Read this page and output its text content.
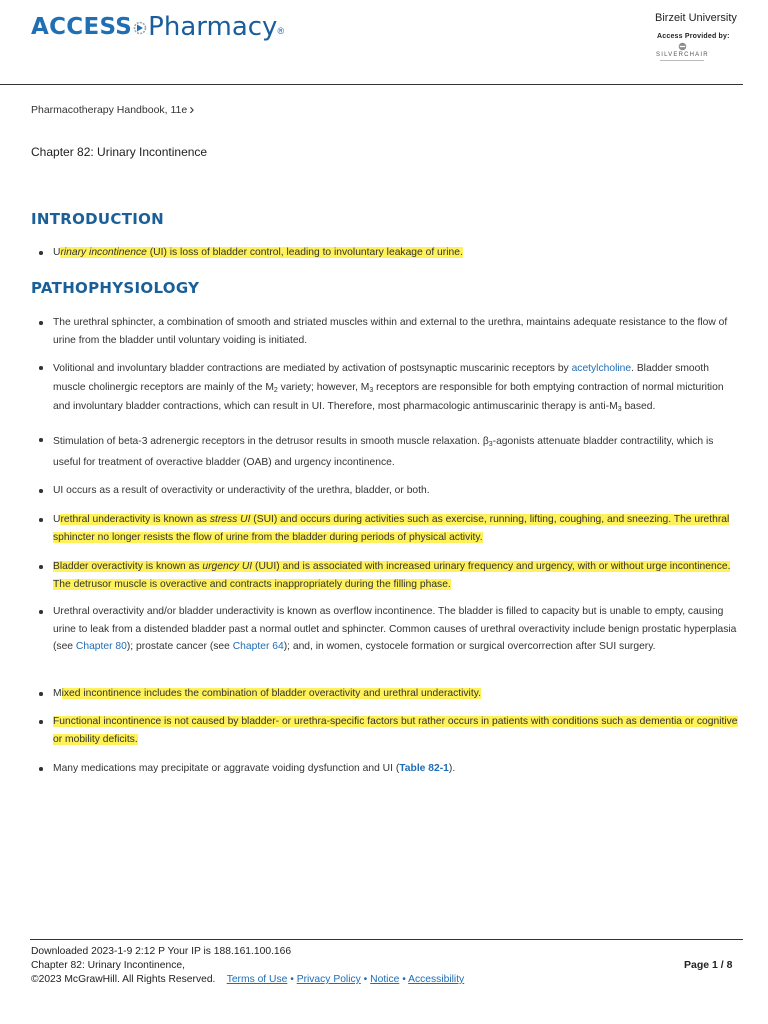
ACCESS Pharmacy ®
Birzeit University
Access Provided by:
SILVERCHAIR
Pharmacotherapy Handbook, 11e ›
Chapter 82: Urinary Incontinence
INTRODUCTION
Urinary incontinence (UI) is loss of bladder control, leading to involuntary leakage of urine.
PATHOPHYSIOLOGY
The urethral sphincter, a combination of smooth and striated muscles within and external to the urethra, maintains adequate resistance to the flow of urine from the bladder until voluntary voiding is initiated.
Volitional and involuntary bladder contractions are mediated by activation of postsynaptic muscarinic receptors by acetylcholine. Bladder smooth muscle cholinergic receptors are mainly of the $M_2$ variety; however, $M_3$ receptors are responsible for both emptying contraction of normal micturition and involuntary bladder contractions, which can result in UI. Therefore, most pharmacologic antimuscarinic therapy is anti-$M_3$ based.
Stimulation of beta-3 adrenergic receptors in the detrusor results in smooth muscle relaxation. $\beta_3$-agonists attenuate bladder contractility, which is useful for treatment of overactive bladder (OAB) and urgency incontinence.
UI occurs as a result of overactivity or underactivity of the urethra, bladder, or both.
Urethral underactivity is known as stress UI (SUI) and occurs during activities such as exercise, running, lifting, coughing, and sneezing. The urethral sphincter no longer resists the flow of urine from the bladder during periods of physical activity.
Bladder overactivity is known as urgency UI (UUI) and is associated with increased urinary frequency and urgency, with or without urge incontinence. The detrusor muscle is overactive and contracts inappropriately during the filling phase.
Urethral overactivity and/or bladder underactivity is known as overflow incontinence. The bladder is filled to capacity but is unable to empty, causing urine to leak from a distended bladder past a normal outlet and sphincter. Common causes of urethral overactivity include benign prostatic hyperplasia (see Chapter 80); prostate cancer (see Chapter 64); and, in women, cystocele formation or surgical overcorrection after SUI surgery.
Mixed incontinence includes the combination of bladder overactivity and urethral underactivity.
Functional incontinence is not caused by bladder- or urethra-specific factors but rather occurs in patients with conditions such as dementia or cognitive or mobility deficits.
Many medications may precipitate or aggravate voiding dysfunction and UI (Table 82-1).
Downloaded 2023-1-9 2:12 P Your IP is 188.161.100.166
Chapter 82: Urinary Incontinence,
©2023 McGrawHill. All Rights Reserved. Terms of Use • Privacy Policy • Notice • Accessibility
Page 1 / 8
